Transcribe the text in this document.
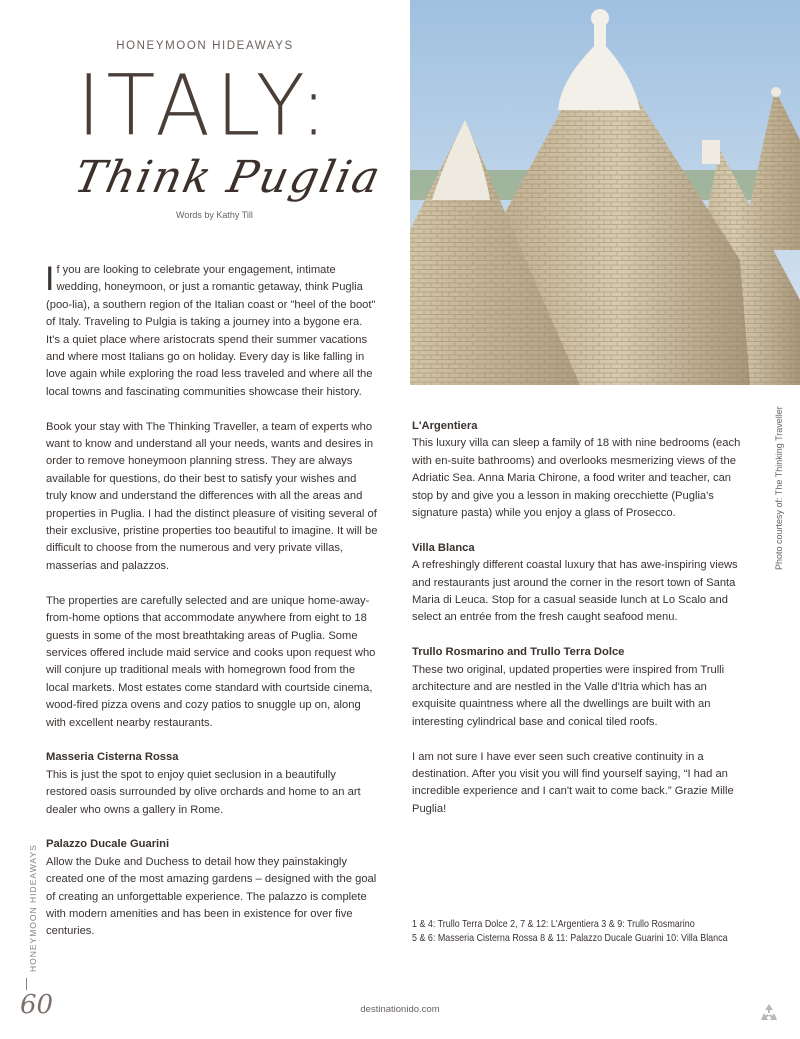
HONEYMOON HIDEAWAYS
ITALY:
Think Puglia
Words by Kathy Till

If you are looking to celebrate your engagement, intimate wedding, honeymoon, or just a romantic getaway, think Puglia (poo-lia), a southern region of the Italian coast or "heel of the boot" of Italy. Traveling to Pulgia is taking a journey into a bygone era. It's a quiet place where aristocrats spend their summer vacations and where most Italians go on holiday. Every day is like falling in love again while exploring the road less traveled and where all the local towns and fascinating communities showcase their history.

Book your stay with The Thinking Traveller, a team of experts who want to know and understand all your needs, wants and desires in order to remove honeymoon planning stress. They are always available for questions, do their best to satisfy your wishes and truly know and understand the differences with all the areas and properties in Puglia. I had the distinct pleasure of visiting several of their exclusive, pristine properties too beautiful to imagine. It will be difficult to choose from the numerous and very private villas, masserias and palazzos.

The properties are carefully selected and are unique home-away-from-home options that accommodate anywhere from eight to 18 guests in some of the most breathtaking areas of Puglia. Some services offered include maid service and cooks upon request who will conjure up traditional meals with homegrown food from the local markets. Most estates come standard with courtside cinema, wood-fired pizza ovens and cozy patios to snuggle up on, along with excellent nearby restaurants.

Masseria Cisterna Rossa

This is just the spot to enjoy quiet seclusion in a beautifully restored oasis surrounded by olive orchards and home to an art dealer who owns a gallery in Rome.

Palazzo Ducale Guarini

Allow the Duke and Duchess to detail how they painstakingly created one of the most amazing gardens – designed with the goal of creating an unforgettable experience. The palazzo is complete with modern amenities and has been in existence for over five centuries.

Photo courtesy of: The Thinking Traveller
L'Argentiera

This luxury villa can sleep a family of 18 with nine bedrooms (each with en-suite bathrooms) and overlooks mesmerizing views of the Adriatic Sea. Anna Maria Chirone, a food writer and teacher, can stop by and give you a lesson in making orecchiette (Puglia's signature pasta) while you enjoy a glass of Prosecco.

Villa Blanca

A refreshingly different coastal luxury that has awe-inspiring views and restaurants just around the corner in the resort town of Santa Maria di Leuca. Stop for a casual seaside lunch at Lo Scalo and select an entrée from the fresh caught seafood menu.

Trullo Rosmarino and Trullo Terra Dolce

These two original, updated properties were inspired from Trulli architecture and are nestled in the Valle d'Itria which has an exquisite quaintness where all the dwellings are built with an interesting cylindrical base and conical tiled roofs.

I am not sure I have ever seen such creative continuity in a destination. After you visit you will find yourself saying, “I had an incredible experience and I can't wait to come back.” Grazie Mille Puglia!

1 & 4: Trullo Terra Dolce 2, 7 & 12: L'Argentiera 3 & 9: Trullo Rosmarino
5 & 6: Masseria Cisterna Rossa 8 & 11: Palazzo Ducale Guarini 10: Villa Blanca
HONEYMOON HIDEAWAYS
60	destinationido.com
